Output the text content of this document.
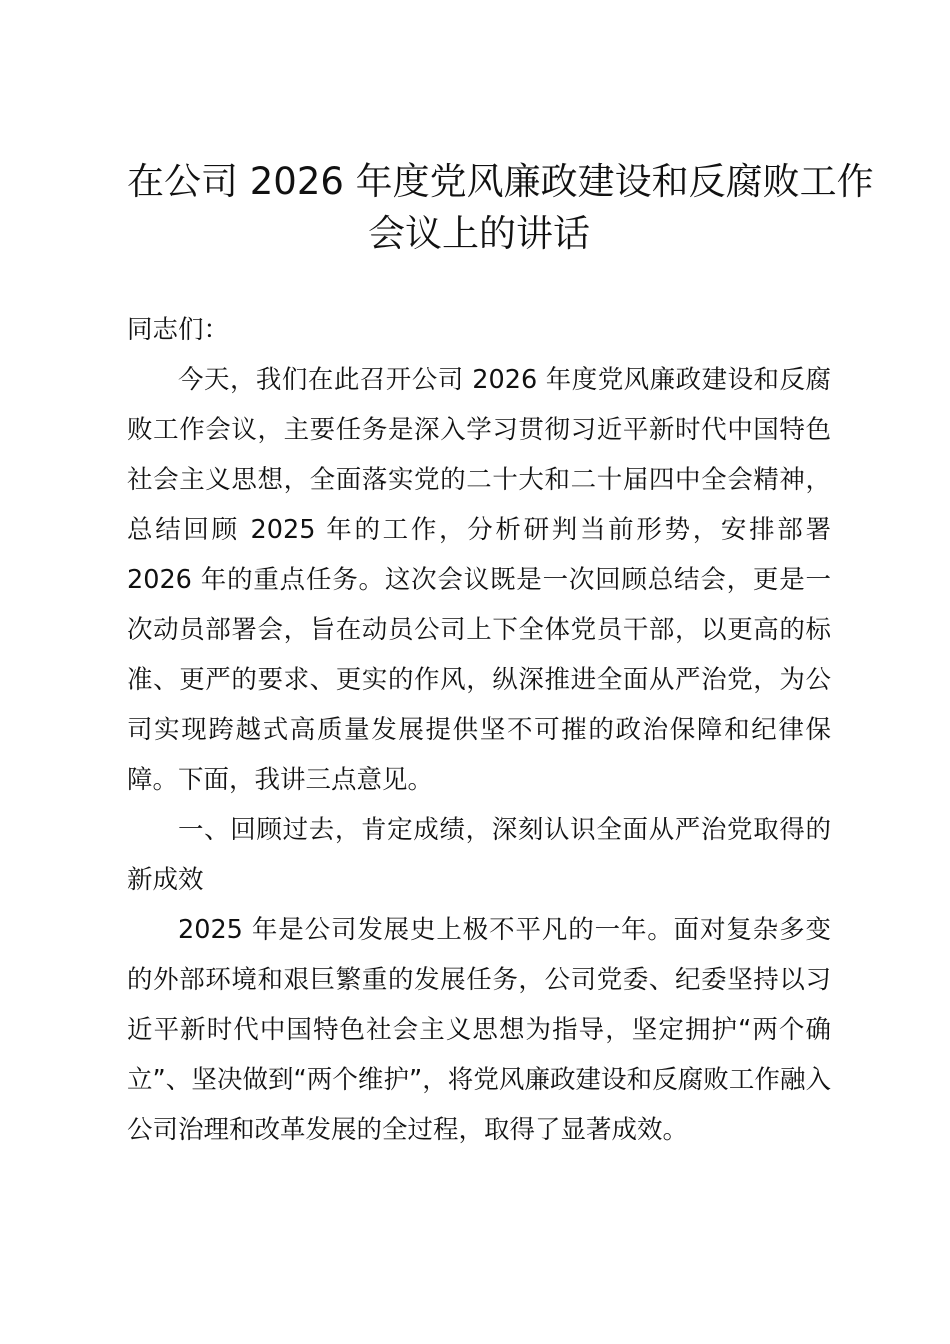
在公司 2026 年度党风廉政建设和反腐败工作
会议上的讲话

同志们：

今天，我们在此召开公司 2026 年度党风廉政建设和反腐败工作会议，主要任务是深入学习贯彻习近平新时代中国特色社会主义思想，全面落实党的二十大和二十届四中全会精神，总结回顾 2025 年的工作，分析研判当前形势，安排部署 2026 年的重点任务。这次会议既是一次回顾总结会，更是一次动员部署会，旨在动员公司上下全体党员干部，以更高的标准、更严的要求、更实的作风，纵深推进全面从严治党，为公司实现跨越式高质量发展提供坚不可摧的政治保障和纪律保障。下面，我讲三点意见。

一、回顾过去，肯定成绩，深刻认识全面从严治党取得的新成效

2025 年是公司发展史上极不平凡的一年。面对复杂多变的外部环境和艰巨繁重的发展任务，公司党委、纪委坚持以习近平新时代中国特色社会主义思想为指导，坚定拥护“两个确立”、坚决做到“两个维护”，将党风廉政建设和反腐败工作融入公司治理和改革发展的全过程，取得了显著成效。
